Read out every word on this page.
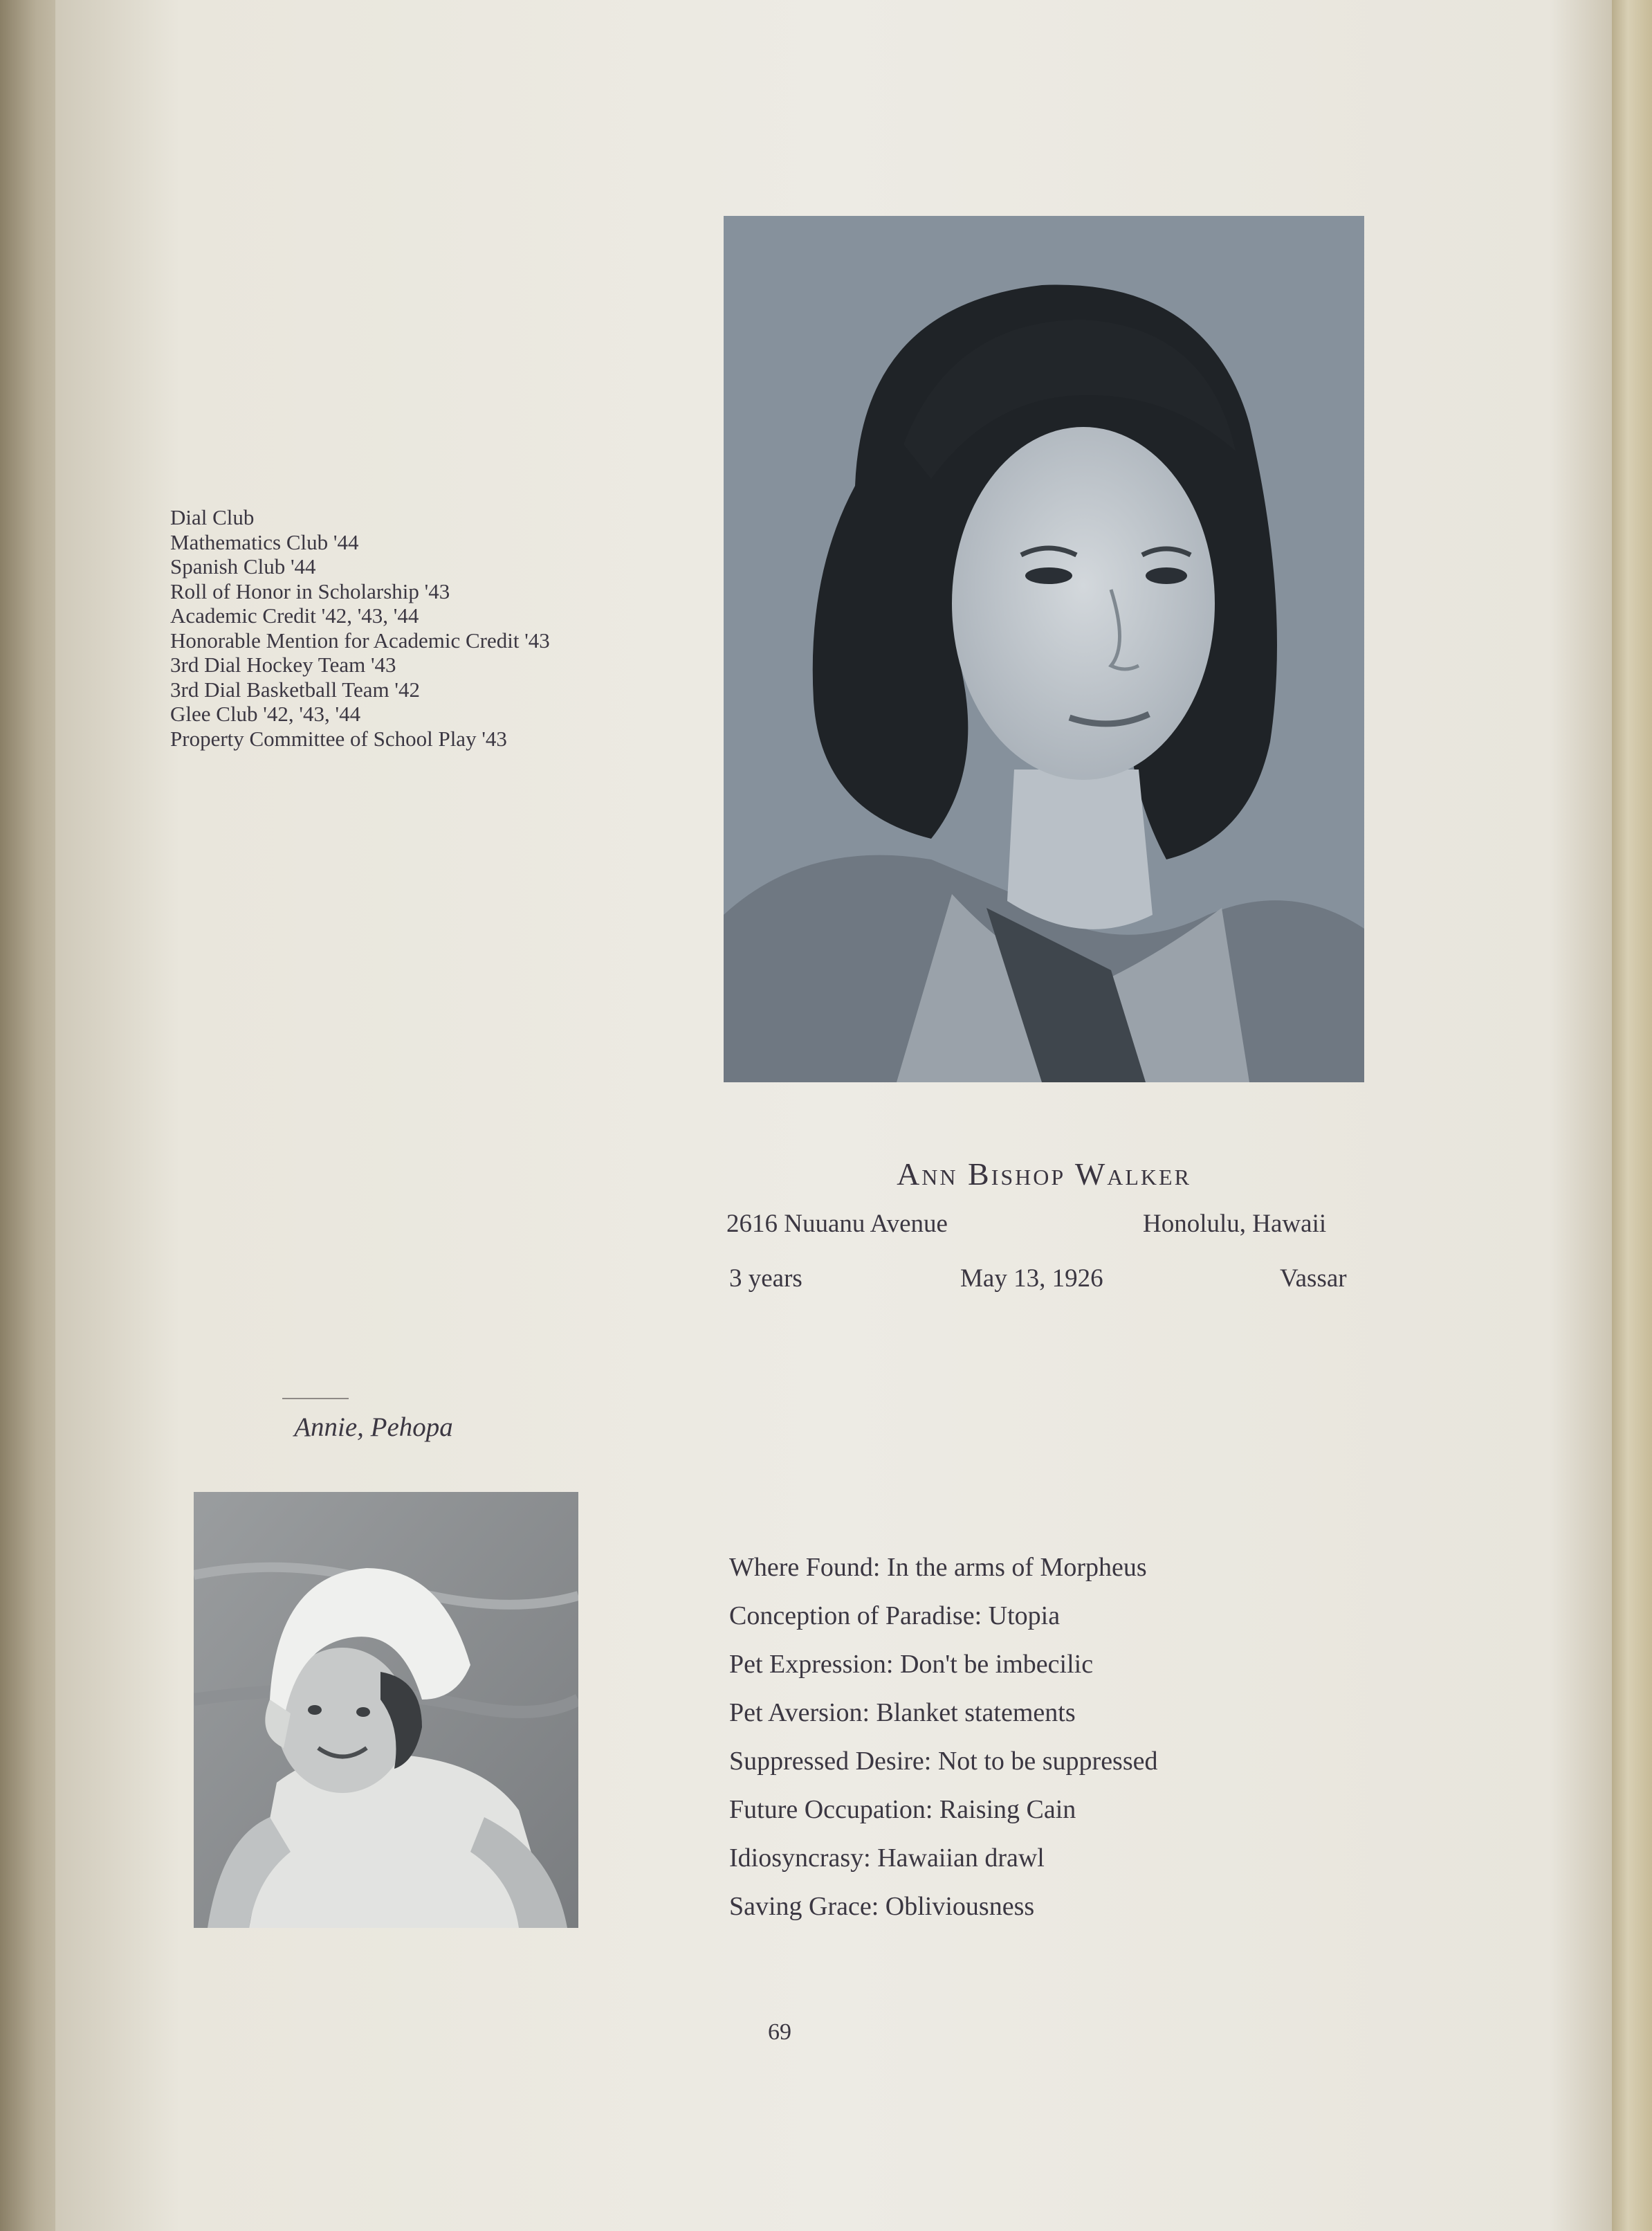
Dial Club
Mathematics Club '44
Spanish Club '44
Roll of Honor in Scholarship '43
Academic Credit '42, '43, '44
Honorable Mention for Academic Credit '43
3rd Dial Hockey Team '43
3rd Dial Basketball Team '42
Glee Club '42, '43, '44
Property Committee of School Play '43
Ann Bishop Walker
2616 Nuuanu Avenue	Honolulu, Hawaii
3 years	May 13, 1926	Vassar
Annie, Pehopa
Where Found: In the arms of Morpheus
Conception of Paradise: Utopia
Pet Expression: Don't be imbecilic
Pet Aversion: Blanket statements
Suppressed Desire: Not to be suppressed
Future Occupation: Raising Cain
Idiosyncrasy: Hawaiian drawl
Saving Grace: Obliviousness
69
